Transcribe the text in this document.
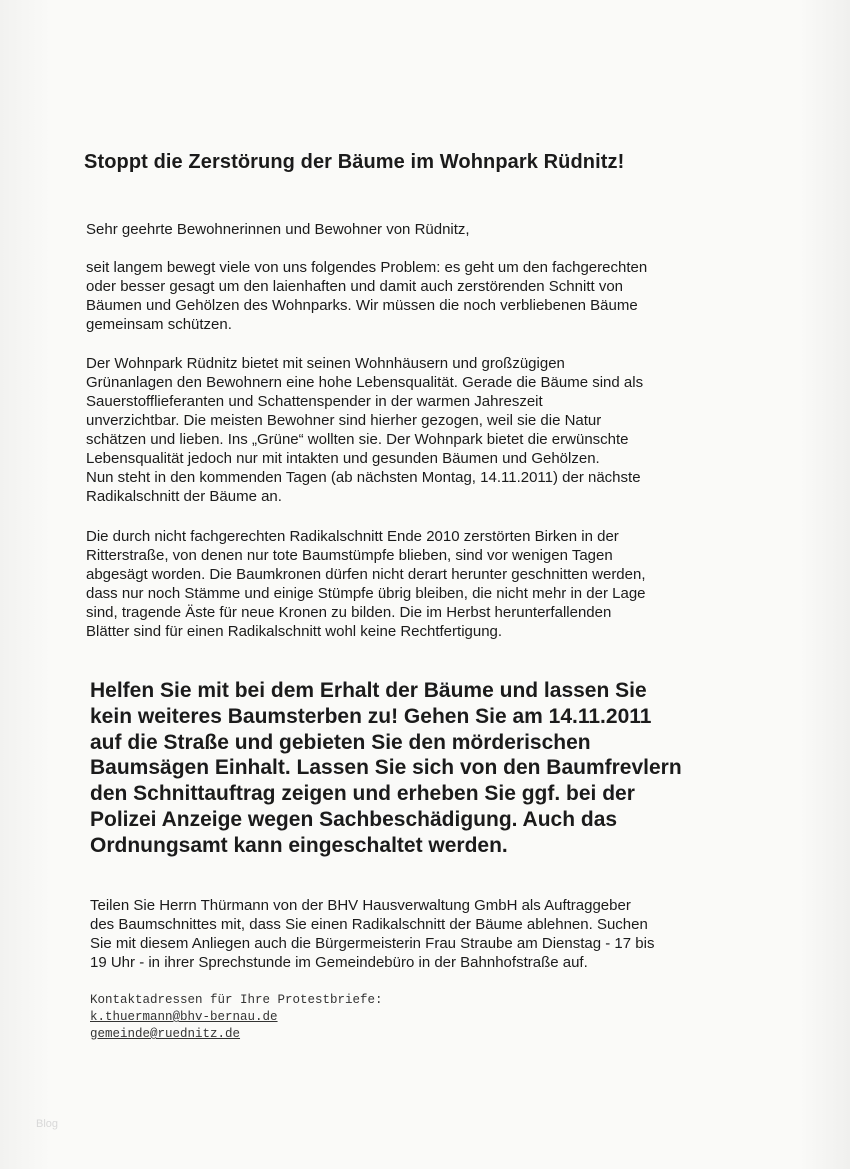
Stoppt die Zerstörung der Bäume im Wohnpark Rüdnitz!
Sehr geehrte Bewohnerinnen und Bewohner von Rüdnitz,
seit langem bewegt viele von uns folgendes Problem: es geht um den fachgerechten
oder besser gesagt um den laienhaften und damit auch zerstörenden Schnitt von
Bäumen und Gehölzen des Wohnparks. Wir müssen die noch verbliebenen Bäume
gemeinsam schützen.
Der Wohnpark Rüdnitz bietet mit seinen Wohnhäusern und großzügigen
Grünanlagen den Bewohnern eine hohe Lebensqualität. Gerade die Bäume sind als
Sauerstofflieferanten und Schattenspender in der warmen Jahreszeit
unverzichtbar. Die meisten Bewohner sind hierher gezogen, weil sie die Natur
schätzen und lieben. Ins „Grüne“ wollten sie. Der Wohnpark bietet die erwünschte
Lebensqualität jedoch nur mit intakten und gesunden Bäumen und Gehölzen.
Nun steht in den kommenden Tagen (ab nächsten Montag, 14.11.2011) der nächste
Radikalschnitt der Bäume an.
Die durch nicht fachgerechten Radikalschnitt Ende 2010 zerstörten Birken in der
Ritterstraße, von denen nur tote Baumstümpfe blieben, sind vor wenigen Tagen
abgesägt worden. Die Baumkronen dürfen nicht derart herunter geschnitten werden,
dass nur noch Stämme und einige Stümpfe übrig bleiben, die nicht mehr in der Lage
sind, tragende Äste für neue Kronen zu bilden. Die im Herbst herunterfallenden
Blätter sind für einen Radikalschnitt wohl keine Rechtfertigung.
Helfen Sie mit bei dem Erhalt der Bäume und lassen Sie
kein weiteres Baumsterben zu! Gehen Sie am 14.11.2011
auf die Straße und gebieten Sie den mörderischen
Baumsägen Einhalt. Lassen Sie sich von den Baumfrevlern
den Schnittauftrag zeigen und erheben Sie ggf. bei der
Polizei Anzeige wegen Sachbeschädigung. Auch das
Ordnungsamt kann eingeschaltet werden.
Teilen Sie Herrn Thürmann von der BHV Hausverwaltung GmbH als Auftraggeber
des Baumschnittes mit, dass Sie einen Radikalschnitt der Bäume ablehnen. Suchen
Sie mit diesem Anliegen auch die Bürgermeisterin Frau Straube am Dienstag - 17 bis
19 Uhr - in ihrer Sprechstunde im Gemeindebüro in der Bahnhofstraße auf.
Kontaktadressen für Ihre Protestbriefe:
k.thuermann@bhv-bernau.de
gemeinde@ruednitz.de
Blog
